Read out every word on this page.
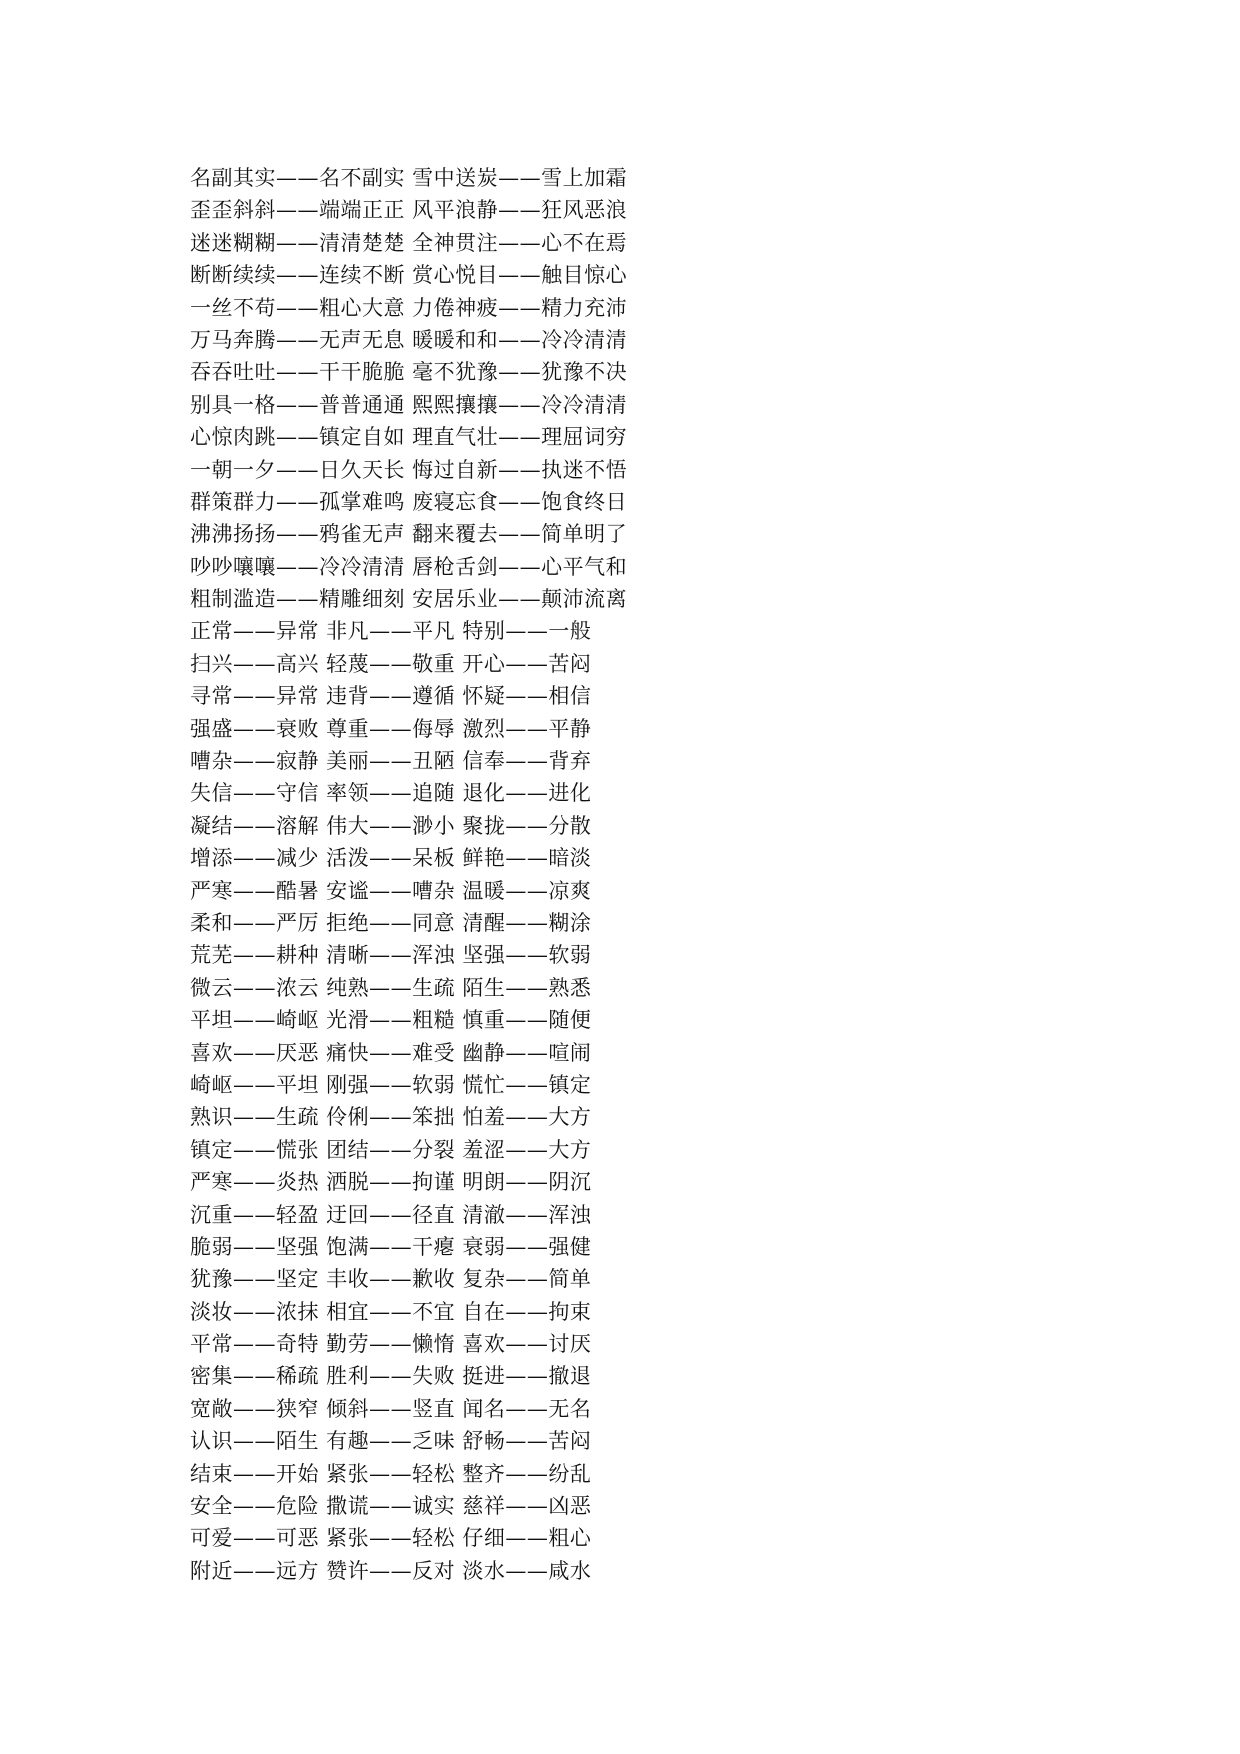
名副其实——名不副实 雪中送炭——雪上加霜
歪歪斜斜——端端正正 风平浪静——狂风恶浪
迷迷糊糊——清清楚楚 全神贯注——心不在焉
断断续续——连续不断 赏心悦目——触目惊心
一丝不苟——粗心大意 力倦神疲——精力充沛
万马奔腾——无声无息 暖暖和和——冷冷清清
吞吞吐吐——干干脆脆 毫不犹豫——犹豫不决
别具一格——普普通通 熙熙攘攘——冷冷清清
心惊肉跳——镇定自如 理直气壮——理屈词穷
一朝一夕——日久天长 悔过自新——执迷不悟
群策群力——孤掌难鸣 废寝忘食——饱食终日
沸沸扬扬——鸦雀无声 翻来覆去——简单明了
吵吵嚷嚷——冷冷清清 唇枪舌剑——心平气和
粗制滥造——精雕细刻 安居乐业——颠沛流离
正常——异常 非凡——平凡 特别——一般
扫兴——高兴 轻蔑——敬重 开心——苦闷
寻常——异常 违背——遵循 怀疑——相信
强盛——衰败 尊重——侮辱 激烈——平静
嘈杂——寂静 美丽——丑陋 信奉——背弃
失信——守信 率领——追随 退化——进化
凝结——溶解 伟大——渺小 聚拢——分散
增添——减少 活泼——呆板 鲜艳——暗淡
严寒——酷暑 安谧——嘈杂 温暖——凉爽
柔和——严厉 拒绝——同意 清醒——糊涂
荒芜——耕种 清晰——浑浊 坚强——软弱
微云——浓云 纯熟——生疏 陌生——熟悉
平坦——崎岖 光滑——粗糙 慎重——随便
喜欢——厌恶 痛快——难受 幽静——喧闹
崎岖——平坦 刚强——软弱 慌忙——镇定
熟识——生疏 伶俐——笨拙 怕羞——大方
镇定——慌张 团结——分裂 羞涩——大方
严寒——炎热 洒脱——拘谨 明朗——阴沉
沉重——轻盈 迂回——径直 清澈——浑浊
脆弱——坚强 饱满——干瘪 衰弱——强健
犹豫——坚定 丰收——歉收 复杂——简单
淡妆——浓抹 相宜——不宜 自在——拘束
平常——奇特 勤劳——懒惰 喜欢——讨厌
密集——稀疏 胜利——失败 挺进——撤退
宽敞——狭窄 倾斜——竖直 闻名——无名
认识——陌生 有趣——乏味 舒畅——苦闷
结束——开始 紧张——轻松 整齐——纷乱
安全——危险 撒谎——诚实 慈祥——凶恶
可爱——可恶 紧张——轻松 仔细——粗心
附近——远方 赞许——反对 淡水——咸水
